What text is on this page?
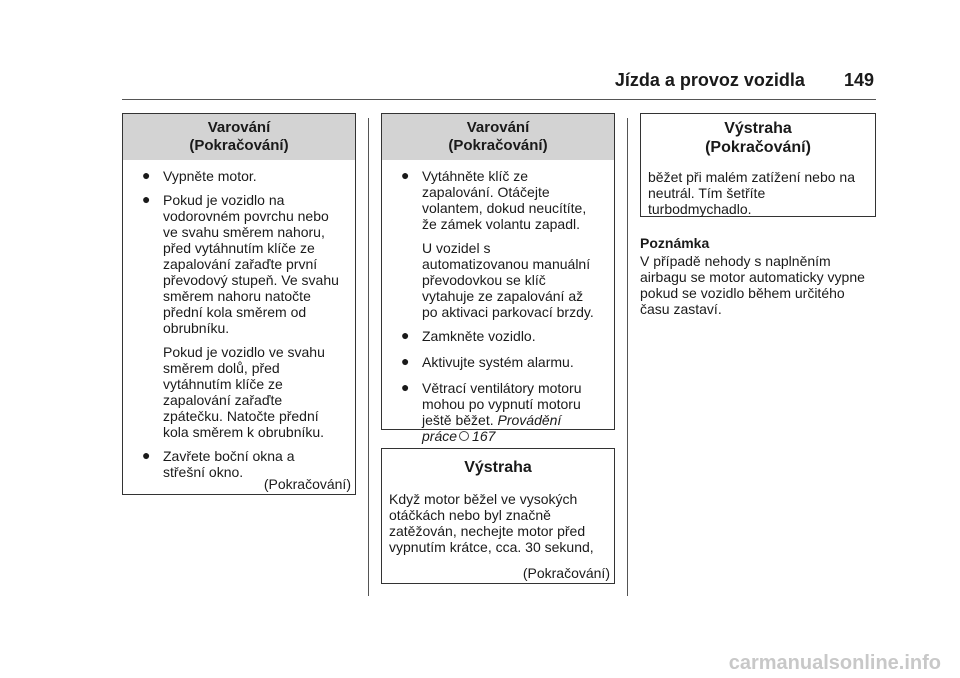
Jízda a provoz vozidla 149
Varování
(Pokračování)
● Vypněte motor.
● Pokud je vozidlo na
vodorovném povrchu nebo
ve svahu směrem nahoru,
před vytáhnutím klíče ze
zapalování zařaďte první
převodový stupeň. Ve svahu
směrem nahoru natočte
přední kola směrem od
obrubníku.
Pokud je vozidlo ve svahu
směrem dolů, před
vytáhnutím klíče ze
zapalování zařaďte
zpátečku. Natočte přední
kola směrem k obrubníku.
● Zavřete boční okna a
střešní okno.
(Pokračování)
Varování
(Pokračování)
● Vytáhněte klíč ze
zapalování. Otáčejte
volantem, dokud neucítíte,
že zámek volantu zapadl.
U vozidel s
automatizovanou manuální
převodovkou se klíč
vytahuje ze zapalování až
po aktivaci parkovací brzdy.
● Zamkněte vozidlo.
● Aktivujte systém alarmu.
● Větrací ventilátory motoru
mohou po vypnutí motoru
ještě běžet. Provádění
práce 167
Výstraha

Když motor běžel ve vysokých

otáčkách nebo byl značně

zatěžován, nechejte motor před

vypnutím krátce, cca. 30 sekund,

(Pokračování)
Výstraha
(Pokračování)

běžet při malém zatížení nebo na

neutrál. Tím šetříte

turbodmychadlo.

Poznámka
V případě nehody s naplněním
airbagu se motor automaticky vypne
pokud se vozidlo během určitého
času zastaví.
carmanualsonline.info
